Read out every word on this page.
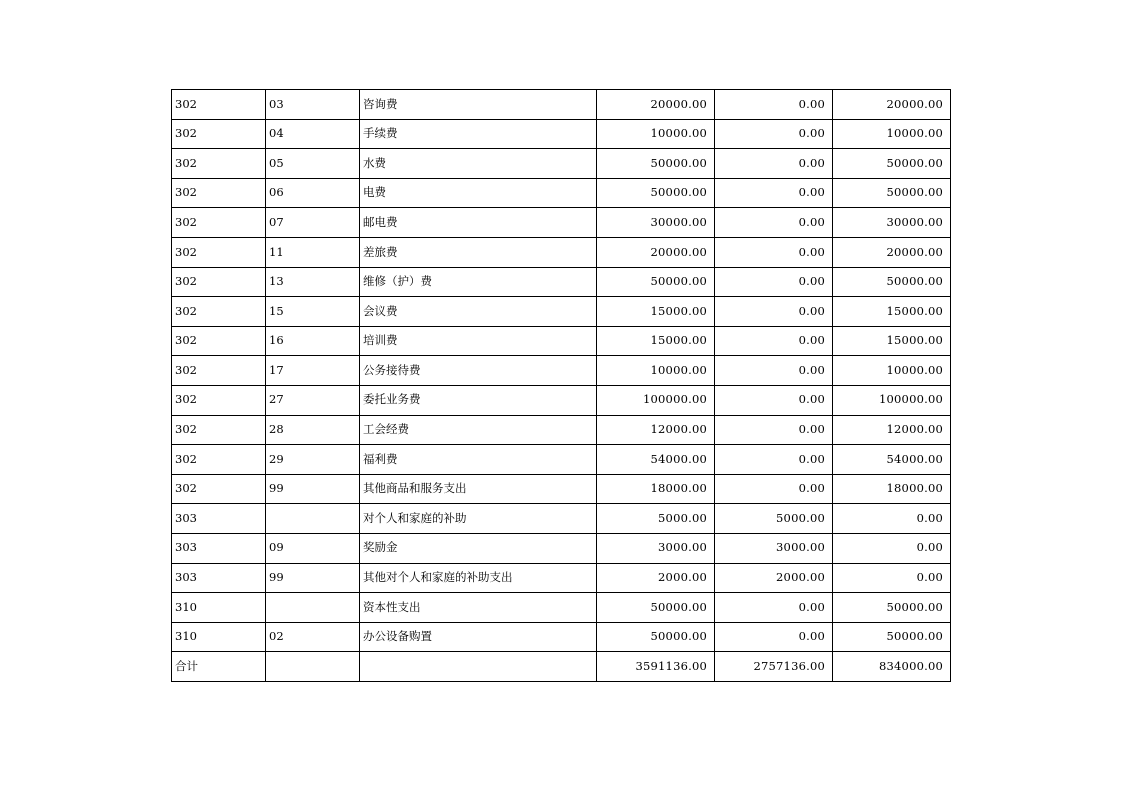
302	03	咨询费	20000.00	0.00	20000.00
302	04	手续费	10000.00	0.00	10000.00
302	05	水费	50000.00	0.00	50000.00
302	06	电费	50000.00	0.00	50000.00
302	07	邮电费	30000.00	0.00	30000.00
302	11	差旅费	20000.00	0.00	20000.00
302	13	维修（护）费	50000.00	0.00	50000.00
302	15	会议费	15000.00	0.00	15000.00
302	16	培训费	15000.00	0.00	15000.00
302	17	公务接待费	10000.00	0.00	10000.00
302	27	委托业务费	100000.00	0.00	100000.00
302	28	工会经费	12000.00	0.00	12000.00
302	29	福利费	54000.00	0.00	54000.00
302	99	其他商品和服务支出	18000.00	0.00	18000.00
303		对个人和家庭的补助	5000.00	5000.00	0.00
303	09	奖励金	3000.00	3000.00	0.00
303	99	其他对个人和家庭的补助支出	2000.00	2000.00	0.00
310		资本性支出	50000.00	0.00	50000.00
310	02	办公设备购置	50000.00	0.00	50000.00
合计			3591136.00	2757136.00	834000.00
